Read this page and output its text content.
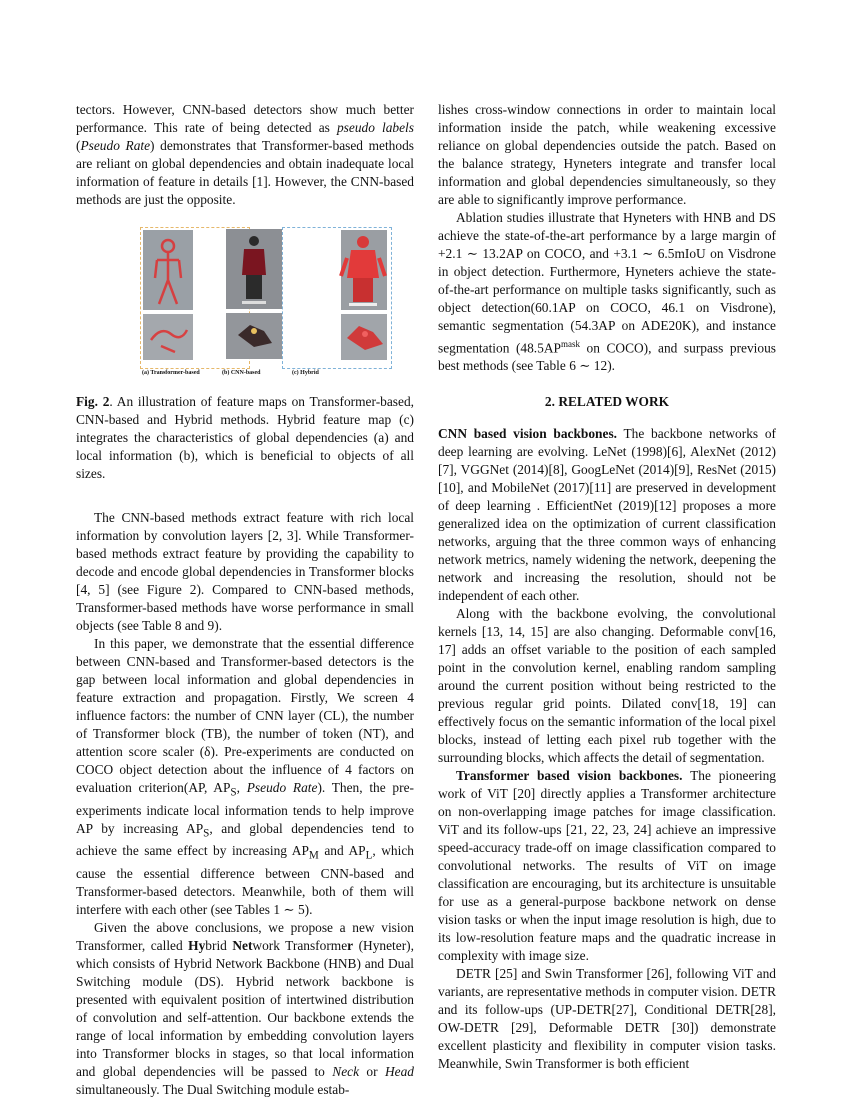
tectors. However, CNN-based detectors show much better performance. This rate of being detected as pseudo labels (Pseudo Rate) demonstrates that Transformer-based methods are reliant on global dependencies and obtain inadequate local information of feature in details [1]. However, the CNN-based methods are just the opposite.

(a) Transformer-based	(b) CNN-based	(c) Hybrid

Fig. 2. An illustration of feature maps on Transformer-based, CNN-based and Hybrid methods. Hybrid feature map (c) integrates the characteristics of global dependencies (a) and local information (b), which is beneficial to objects of all sizes.

The CNN-based methods extract feature with rich local information by convolution layers [2, 3]. While Transformer-based methods extract feature by providing the capability to decode and encode global dependencies in Transformer blocks [4, 5] (see Figure 2). Compared to CNN-based methods, Transformer-based methods have worse performance in small objects (see Table 8 and 9).

In this paper, we demonstrate that the essential difference between CNN-based and Transformer-based detectors is the gap between local information and global dependencies in feature extraction and propagation. Firstly, We screen 4 influence factors: the number of CNN layer (CL), the number of Transformer block (TB), the number of token (NT), and attention score scaler (δ). Pre-experiments are conducted on COCO object detection about the influence of 4 factors on evaluation criterion(AP, $AP_S$, Pseudo Rate). Then, the pre-experiments indicate local information tends to help improve AP by increasing $AP_S$, and global dependencies tend to achieve the same effect by increasing $AP_M$ and $AP_L$, which cause the essential difference between CNN-based and Transformer-based detectors. Meanwhile, both of them will interfere with each other (see Tables 1 ∼ 5).

Given the above conclusions, we propose a new vision Transformer, called Hybrid Network Transformer (Hyneter), which consists of Hybrid Network Backbone (HNB) and Dual Switching module (DS). Hybrid network backbone is presented with equivalent position of intertwined distribution of convolution and self-attention. Our backbone extends the range of local information by embedding convolution layers into Transformer blocks in stages, so that local information and global dependencies will be passed to Neck or Head simultaneously. The Dual Switching module estab-

lishes cross-window connections in order to maintain local information inside the patch, while weakening excessive reliance on global dependencies outside the patch. Based on the balance strategy, Hyneters integrate and transfer local information and global dependencies simultaneously, so they are able to significantly improve performance.

Ablation studies illustrate that Hyneters with HNB and DS achieve the state-of-the-art performance by a large margin of +2.1 ∼ 13.2AP on COCO, and +3.1 ∼ 6.5mIoU on Visdrone in object detection. Furthermore, Hyneters achieve the state-of-the-art performance on multiple tasks significantly, such as object detection(60.1AP on COCO, 46.1 on Visdrone), semantic segmentation (54.3AP on ADE20K), and instance segmentation ($48.5AP^{mask}$ on COCO), and surpass previous best methods (see Table 6 ∼ 12).

2. RELATED WORK

CNN based vision backbones. The backbone networks of deep learning are evolving. LeNet (1998)[6], AlexNet (2012)[7], VGGNet (2014)[8], GoogLeNet (2014)[9], ResNet (2015)[10], and MobileNet (2017)[11] are preserved in development of deep learning . EfficientNet (2019)[12] proposes a more generalized idea on the optimization of current classification networks, arguing that the three common ways of enhancing network metrics, namely widening the network, deepening the network and increasing the resolution, should not be independent of each other.

Along with the backbone evolving, the convolutional kernels [13, 14, 15] are also changing. Deformable conv[16, 17] adds an offset variable to the position of each sampled point in the convolution kernel, enabling random sampling around the current position without being restricted to the previous regular grid points. Dilated conv[18, 19] can effectively focus on the semantic information of the local pixel blocks, instead of letting each pixel rub together with the surrounding blocks, which affects the detail of segmentation.

Transformer based vision backbones. The pioneering work of ViT [20] directly applies a Transformer architecture on non-overlapping image patches for image classification. ViT and its follow-ups [21, 22, 23, 24] achieve an impressive speed-accuracy trade-off on image classification compared to convolutional networks. The results of ViT on image classification are encouraging, but its architecture is unsuitable for use as a general-purpose backbone network on dense vision tasks or when the input image resolution is high, due to its low-resolution feature maps and the quadratic increase in complexity with image size.

DETR [25] and Swin Transformer [26], following ViT and variants, are representative methods in computer vision. DETR and its follow-ups (UP-DETR[27], Conditional DETR[28], OW-DETR [29], Deformable DETR [30]) demonstrate excellent plasticity and flexibility in computer vision tasks. Meanwhile, Swin Transformer is both efficient
